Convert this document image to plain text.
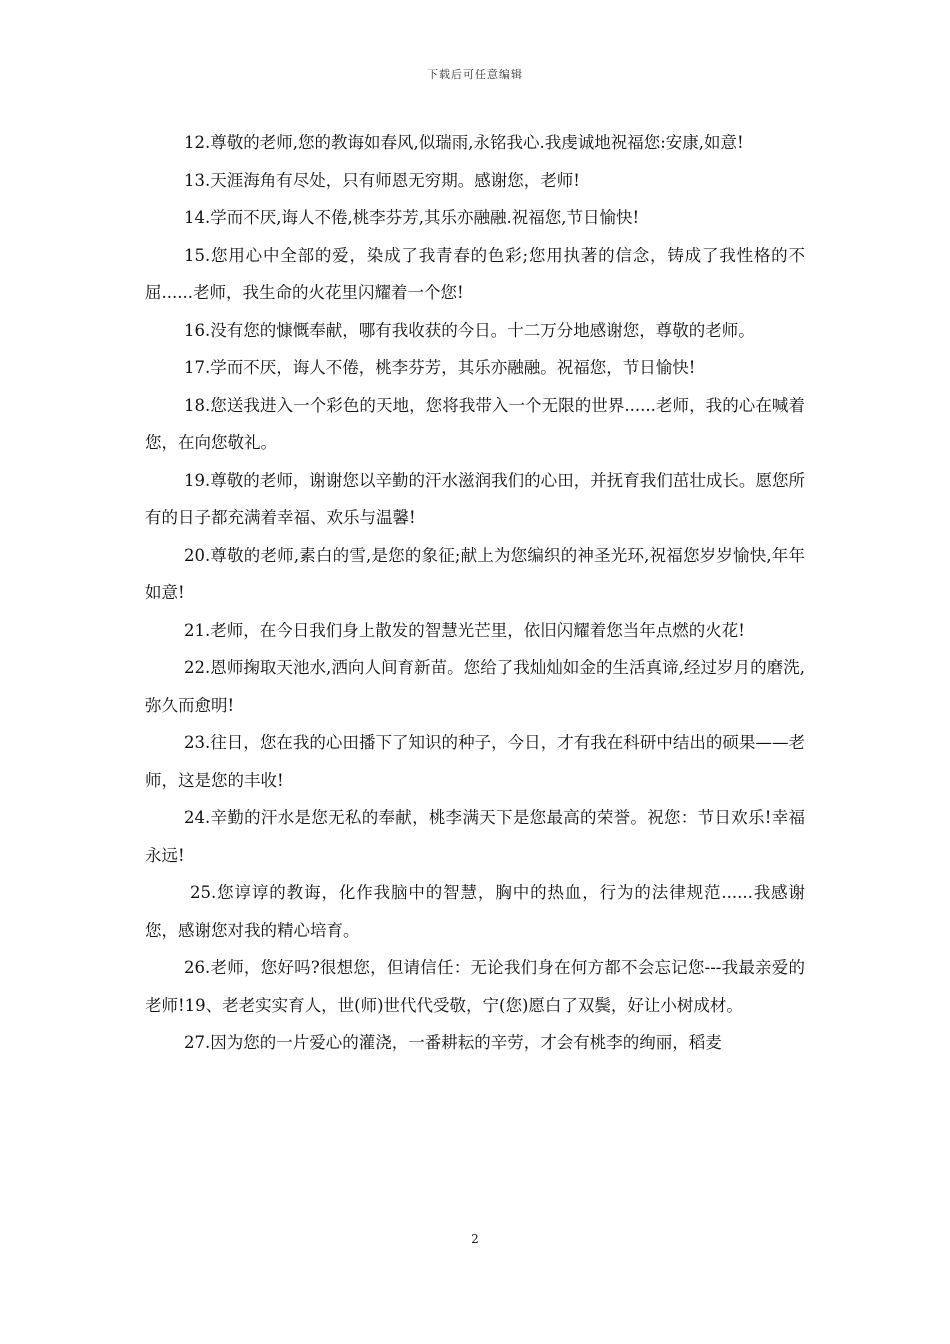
下载后可任意编辑

12.尊敬的老师,您的教诲如春风,似瑞雨,永铭我心.我虔诚地祝福您:安康,如意!

13.天涯海角有尽处，只有师恩无穷期。感谢您，老师!

14.学而不厌,诲人不倦,桃李芬芳,其乐亦融融.祝福您,节日愉快!

15.您用心中全部的爱，染成了我青春的色彩;您用执著的信念，铸成了我性格的不屈......老师，我生命的火花里闪耀着一个您!

16.没有您的慷慨奉献，哪有我收获的今日。十二万分地感谢您，尊敬的老师。

17.学而不厌，诲人不倦，桃李芬芳，其乐亦融融。祝福您，节日愉快!

18.您送我进入一个彩色的天地，您将我带入一个无限的世界......老师，我的心在喊着您，在向您敬礼。

19.尊敬的老师，谢谢您以辛勤的汗水滋润我们的心田，并抚育我们茁壮成长。愿您所有的日子都充满着幸福、欢乐与温馨!

20.尊敬的老师,素白的雪,是您的象征;献上为您编织的神圣光环,祝福您岁岁愉快,年年如意!

21.老师，在今日我们身上散发的智慧光芒里，依旧闪耀着您当年点燃的火花!

22.恩师掬取天池水,洒向人间育新苗。您给了我灿灿如金的生活真谛,经过岁月的磨洗,弥久而愈明!

23.往日，您在我的心田播下了知识的种子，今日，才有我在科研中结出的硕果——老师，这是您的丰收!

24.辛勤的汗水是您无私的奉献，桃李满天下是您最高的荣誉。祝您：节日欢乐!幸福永远!

25.您谆谆的教诲，化作我脑中的智慧，胸中的热血，行为的法律规范......我感谢您，感谢您对我的精心培育。

26.老师，您好吗?很想您，但请信任：无论我们身在何方都不会忘记您---我最亲爱的老师!19、老老实实育人，世(师)世代代受敬，宁(您)愿白了双鬓，好让小树成材。

27.因为您的一片爱心的灌浇，一番耕耘的辛劳，才会有桃李的绚丽，稻麦

2
